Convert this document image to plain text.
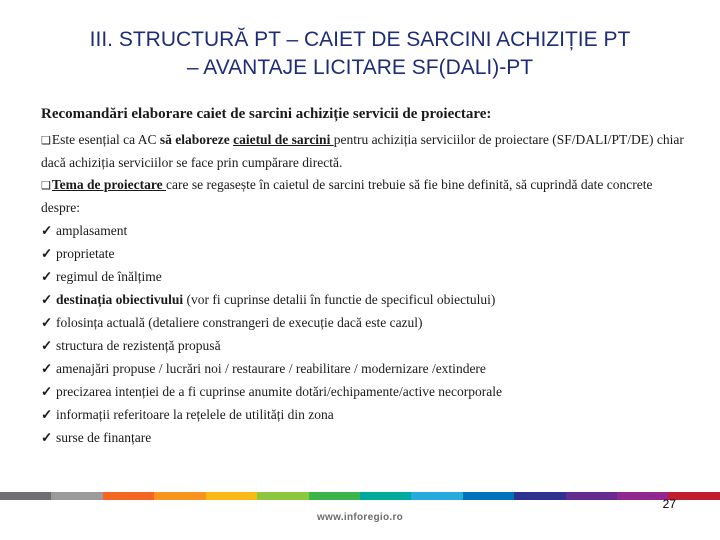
III. STRUCTURĂ PT – CAIET DE SARCINI ACHIZIȚIE PT
– AVANTAJE LICITARE SF(DALI)-PT
Recomandări elaborare caiet de sarcini achiziție servicii de proiectare:
❑Este esențial ca AC să elaboreze caietul de sarcini pentru achiziția serviciilor de proiectare (SF/DALI/PT/DE) chiar dacă achiziția serviciilor se face prin cumpărare directă.
❑Tema de proiectare care se regasește în caietul de sarcini trebuie să fie bine definită, să cuprindă date concrete despre:
✓ amplasament
✓ proprietate
✓ regimul de înălțime
✓ destinația obiectivului (vor fi cuprinse detalii în functie de specificul obiectului)
✓ folosința actuală (detaliere constrangeri de execuție dacă este cazul)
✓ structura de rezistență propusă
✓ amenajări propuse / lucrări noi / restaurare / reabilitare / modernizare /extindere
✓ precizarea intenției de a fi cuprinse anumite dotări/echipamente/active necorporale
✓ informații referitoare la rețelele de utilități din zona
✓ surse de finanțare
27
www.inforegio.ro
